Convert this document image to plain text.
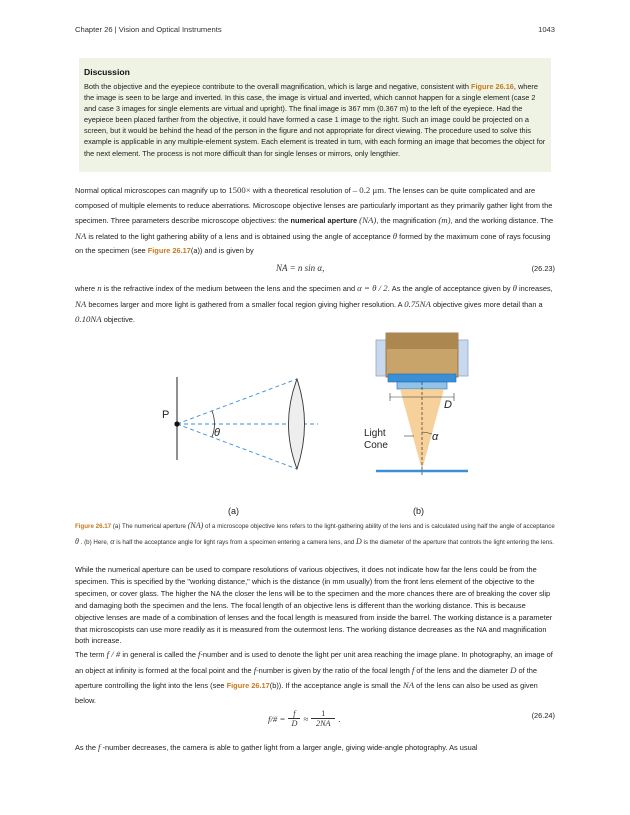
Chapter 26 | Vision and Optical Instruments	1043
Discussion
Both the objective and the eyepiece contribute to the overall magnification, which is large and negative, consistent with Figure 26.16, where the image is seen to be large and inverted. In this case, the image is virtual and inverted, which cannot happen for a single element (case 2 and case 3 images for single elements are virtual and upright). The final image is 367 mm (0.367 m) to the left of the eyepiece. Had the eyepiece been placed farther from the objective, it could have formed a case 1 image to the right. Such an image could be projected on a screen, but it would be behind the head of the person in the figure and not appropriate for direct viewing. The procedure used to solve this example is applicable in any multiple-element system. Each element is treated in turn, with each forming an image that becomes the object for the next element. The process is not more difficult than for single lenses or mirrors, only lengthier.
Normal optical microscopes can magnify up to 1500× with a theoretical resolution of – 0.2 μm. The lenses can be quite complicated and are composed of multiple elements to reduce aberrations. Microscope objective lenses are particularly important as they primarily gather light from the specimen. Three parameters describe microscope objectives: the numerical aperture (NA), the magnification (m), and the working distance. The NA is related to the light gathering ability of a lens and is obtained using the angle of acceptance θ formed by the maximum cone of rays focusing on the specimen (see Figure 26.17(a)) and is given by
NA = n sin α,	(26.23)
where n is the refractive index of the medium between the lens and the specimen and α = θ / 2. As the angle of acceptance given by θ increases, NA becomes larger and more light is gathered from a smaller focal region giving higher resolution. A 0.75NA objective gives more detail than a 0.10NA objective.
P
θ
D
α
Light
Cone
(a)	(b)
Figure 26.17 (a) The numerical aperture (NA) of a microscope objective lens refers to the light-gathering ability of the lens and is calculated using half the angle of acceptance θ . (b) Here, α is half the acceptance angle for light rays from a specimen entering a camera lens, and D is the diameter of the aperture that controls the light entering the lens.
While the numerical aperture can be used to compare resolutions of various objectives, it does not indicate how far the lens could be from the specimen. This is specified by the "working distance," which is the distance (in mm usually) from the front lens element of the objective to the specimen, or cover glass. The higher the NA the closer the lens will be to the specimen and the more chances there are of breaking the cover slip and damaging both the specimen and the lens. The focal length of an objective lens is different than the working distance. This is because objective lenses are made of a combination of lenses and the focal length is measured from inside the barrel. The working distance is a parameter that microscopists can use more readily as it is measured from the outermost lens. The working distance decreases as the NA and magnification both increase.
The term f / # in general is called the f-number and is used to denote the light per unit area reaching the image plane. In photography, an image of an object at infinity is formed at the focal point and the f-number is given by the ratio of the focal length f of the lens and the diameter D of the aperture controlling the light into the lens (see Figure 26.17(b)). If the acceptance angle is small the NA of the lens can also be used as given below.
f/# = f
D ≈ 1
2NA .	(26.24)
As the f -number decreases, the camera is able to gather light from a larger angle, giving wide-angle photography. As usual
